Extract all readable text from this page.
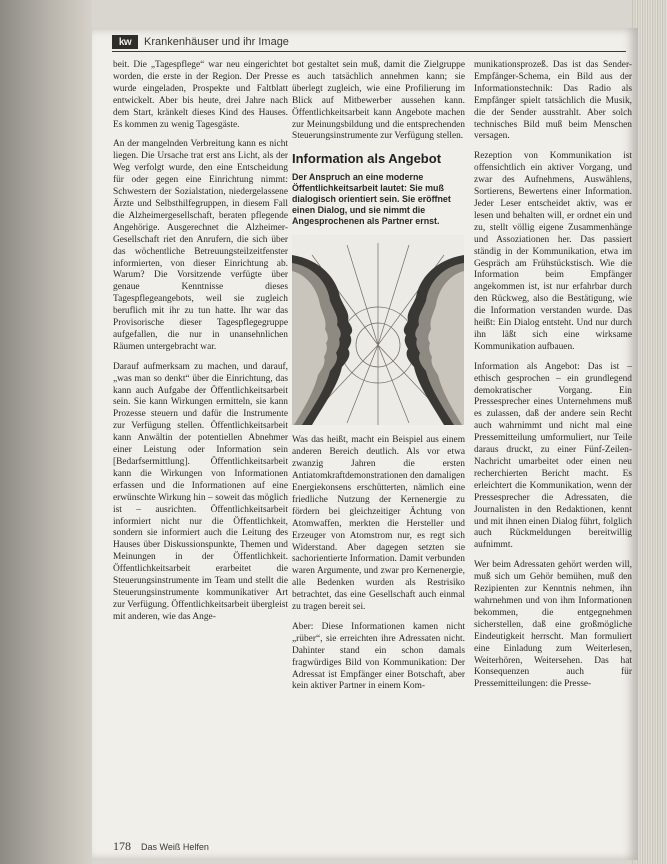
kw	Krankenhäuser und ihr Image

beit. Die „Tagespflege“ war neu eingerichtet worden, die erste in der Region. Der Presse wurde eingeladen, Prospekte und Faltblatt entwickelt. Aber bis heute, drei Jahre nach dem Start, kränkelt dieses Kind des Hauses. Es kommen zu wenig Tagesgäste.

An der mangelnden Verbreitung kann es nicht liegen. Die Ursache trat erst ans Licht, als der Weg verfolgt wurde, den eine Entscheidung für oder gegen eine Einrichtung nimmt: Schwestern der Sozialstation, niedergelassene Ärzte und Selbsthilfegruppen, in diesem Fall die Alzheimergesellschaft, beraten pflegende Angehörige. Ausgerechnet die Alzheimer-Gesellschaft riet den Anrufern, die sich über das wöchentliche Betreuungsteilzeitfenster informierten, von dieser Einrichtung ab. Warum? Die Vorsitzende verfügte über genaue Kenntnisse dieses Tagespflegeangebots, weil sie zugleich beruflich mit ihr zu tun hatte. Ihr war das Provisorische dieser Tagespflegegruppe aufgefallen, die nur in unansehnlichen Räumen untergebracht war.

Darauf aufmerksam zu machen, und darauf, „was man so denkt“ über die Einrichtung, das kann auch Aufgabe der Öffentlichkeitsarbeit sein. Sie kann Wirkungen ermitteln, sie kann Prozesse steuern und dafür die Instrumente zur Verfügung stellen. Öffentlichkeitsarbeit kann Anwältin der potentiellen Abnehmer einer Leistung oder Information sein [Bedarfsermittlung]. Öffentlichkeitsarbeit kann die Wirkungen von Informationen erfassen und die Informationen auf eine erwünschte Wirkung hin – soweit das möglich ist – ausrichten. Öffentlichkeitsarbeit informiert nicht nur die Öffentlichkeit, sondern sie informiert auch die Leitung des Hauses über Diskussionspunkte, Themen und Meinungen in der Öffentlichkeit. Öffentlichkeitsarbeit erarbeitet die Steuerungsinstrumente im Team und stellt die Steuerungsinstrumente kommunikativer Art zur Verfügung. Öffentlichkeitsarbeit übergleist mit anderen, wie das Ange-

bot gestaltet sein muß, damit die Zielgruppe es auch tatsächlich annehmen kann; sie überlegt zugleich, wie eine Profilierung im Blick auf Mitbewerber aussehen kann. Öffentlichkeitsarbeit kann Angebote machen zur Meinungsbildung und die entsprechenden Steuerungsinstrumente zur Verfügung stellen.

Information als Angebot
Der Anspruch an eine moderne Öffentlichkeitsarbeit lautet: Sie muß dialogisch orientiert sein. Sie eröffnet einen Dialog, und sie nimmt die Angesprochenen als Partner ernst.

Was das heißt, macht ein Beispiel aus einem anderen Bereich deutlich. Als vor etwa zwanzig Jahren die ersten Antiatomkraftdemonstrationen den damaligen Energiekonsens erschütterten, nämlich eine friedliche Nutzung der Kernenergie zu fördern bei gleichzeitiger Ächtung von Atomwaffen, merkten die Hersteller und Erzeuger von Atomstrom nur, es regt sich Widerstand. Aber dagegen setzten sie sachorientierte Information. Damit verbunden waren Argumente, und zwar pro Kernenergie, alle Bedenken wurden als Restrisiko betrachtet, das eine Gesellschaft auch einmal zu tragen bereit sei.

Aber: Diese Informationen kamen nicht „rüber“, sie erreichten ihre Adressaten nicht. Dahinter stand ein schon damals fragwürdiges Bild von Kommunikation: Der Adressat ist Empfänger einer Botschaft, aber kein aktiver Partner in einem Kom-

munikationsprozeß. Das ist das Sender-Empfänger-Schema, ein Bild aus der Informationstechnik: Das Radio als Empfänger spielt tatsächlich die Musik, die der Sender ausstrahlt. Aber solch technisches Bild muß beim Menschen versagen.

Rezeption von Kommunikation ist offensichtlich ein aktiver Vorgang, und zwar des Aufnehmens, Auswählens, Sortierens, Bewertens einer Information. Jeder Leser entscheidet aktiv, was er lesen und behalten will, er ordnet ein und zu, stellt völlig eigene Zusammenhänge und Assoziationen her. Das passiert ständig in der Kommunikation, etwa im Gespräch am Frühstückstisch. Wie die Information beim Empfänger angekommen ist, ist nur erfahrbar durch den Rückweg, also die Bestätigung, wie die Information verstanden wurde. Das heißt: Ein Dialog entsteht. Und nur durch ihn läßt sich eine wirksame Kommunikation aufbauen.

Information als Angebot: Das ist – ethisch gesprochen – ein grundlegend demokratischer Vorgang. Ein Pressesprecher eines Unternehmens muß es zulassen, daß der andere sein Recht auch wahrnimmt und nicht mal eine Pressemitteilung umformuliert, nur Teile daraus druckt, zu einer Fünf-Zeilen-Nachricht umarbeitet oder einen neu recherchierten Bericht macht. Es erleichtert die Kommunikation, wenn der Pressesprecher die Adressaten, die Journalisten in den Redaktionen, kennt und mit ihnen einen Dialog führt, folglich auch Rückmeldungen bereitwillig aufnimmt.

Wer beim Adressaten gehört werden will, muß sich um Gehör bemühen, muß den Rezipienten zur Kenntnis nehmen, ihn wahrnehmen und von ihm Informationen bekommen, die entgegnehmen sicherstellen, daß eine großmögliche Eindeutigkeit herrscht. Man formuliert eine Einladung zum Weiterlesen, Weiterhören, Weitersehen. Das hat Konsequenzen auch für Pressemitteilungen: die Presse-

178 Das Weiß Helfen
